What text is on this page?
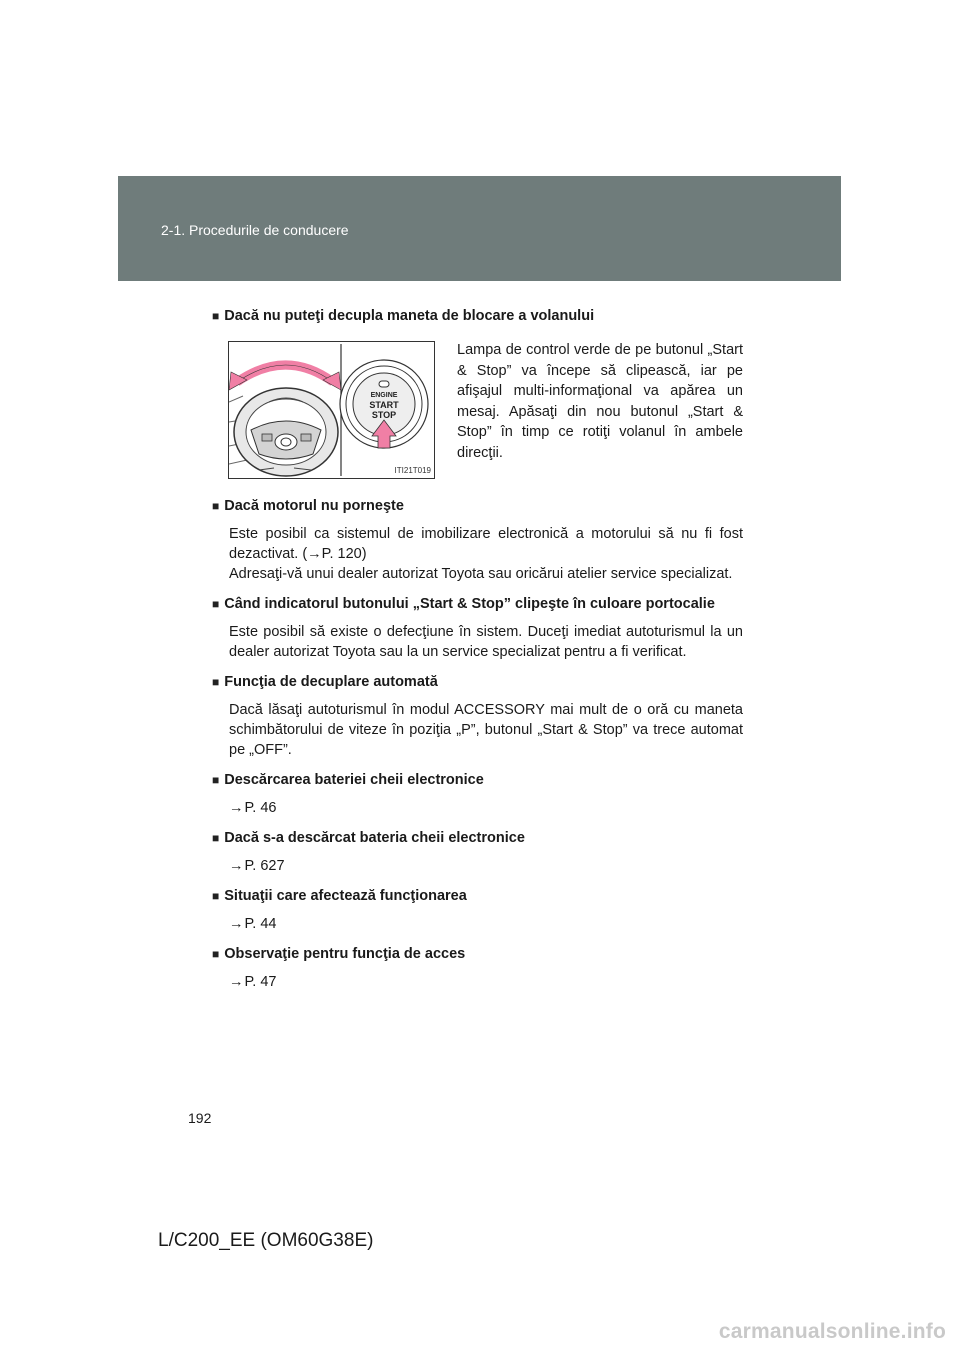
2-1. Procedurile de conducere
■ Dacă nu puteţi decupla maneta de blocare a volanului
ENGINE
START
STOP
ITI21T019
Lampa de control verde de pe butonul „Start & Stop” va începe să clipească, iar pe afişajul multi-informaţional va apărea un mesaj. Apăsaţi din nou butonul „Start & Stop” în timp ce rotiţi volanul în ambele direcţii.
■ Dacă motorul nu porneşte

Este posibil ca sistemul de imobilizare electronică a motorului să nu fi fost dezactivat. (→P. 120)

Adresaţi-vă unui dealer autorizat Toyota sau oricărui atelier service specializat.

■ Când indicatorul butonului „Start & Stop” clipeşte în culoare portocalie

Este posibil să existe o defecţiune în sistem. Duceţi imediat autoturismul la un dealer autorizat Toyota sau la un service specializat pentru a fi verificat.

■ Funcţia de decuplare automată

Dacă lăsaţi autoturismul în modul ACCESSORY mai mult de o oră cu maneta schimbătorului de viteze în poziţia „P”, butonul „Start & Stop” va trece automat pe „OFF”.

■ Descărcarea bateriei cheii electronice
→P. 46
■ Dacă s-a descărcat bateria cheii electronice
→P. 627
■ Situaţii care afectează funcţionarea
→P. 44
■ Observaţie pentru funcţia de acces
→P. 47
192
L/C200_EE (OM60G38E)
carmanualsonline.info
